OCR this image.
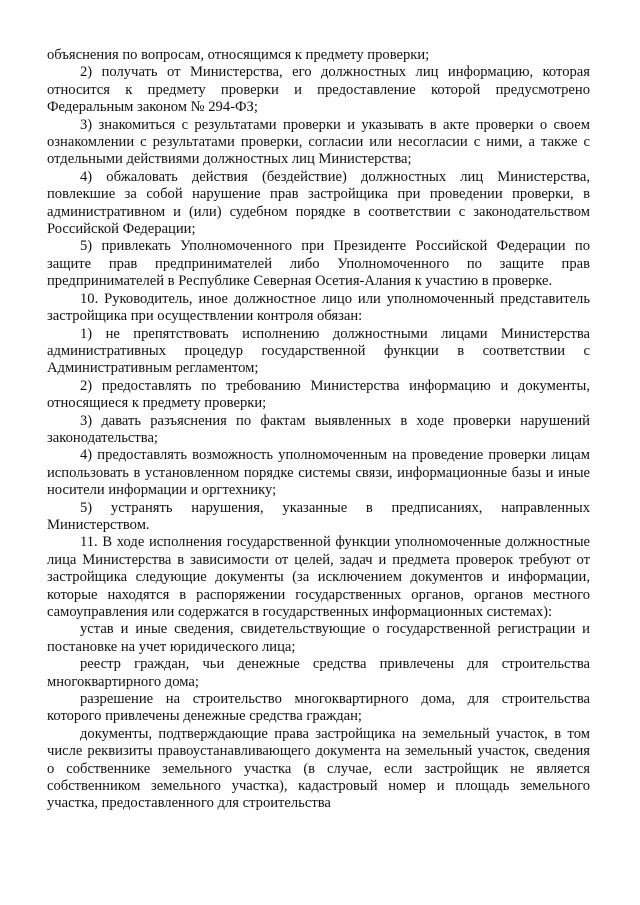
объяснения по вопросам, относящимся к предмету проверки;

2) получать от Министерства, его должностных лиц информацию, которая относится к предмету проверки и предоставление которой предусмотрено Федеральным законом № 294-ФЗ;

3) знакомиться с результатами проверки и указывать в акте проверки о своем ознакомлении с результатами проверки, согласии или несогласии с ними, а также с отдельными действиями должностных лиц Министерства;

4) обжаловать действия (бездействие) должностных лиц Министерства, повлекшие за собой нарушение прав застройщика при проведении проверки, в административном и (или) судебном порядке в соответствии с законодательством Российской Федерации;

5) привлекать Уполномоченного при Президенте Российской Федерации по защите прав предпринимателей либо Уполномоченного по защите прав предпринимателей в Республике Северная Осетия-Алания к участию в проверке.

10. Руководитель, иное должностное лицо или уполномоченный представитель застройщика при осуществлении контроля обязан:

1) не препятствовать исполнению должностными лицами Министерства административных процедур государственной функции в соответствии с Административным регламентом;

2) предоставлять по требованию Министерства информацию и документы, относящиеся к предмету проверки;

3) давать разъяснения по фактам выявленных в ходе проверки нарушений законодательства;

4) предоставлять возможность уполномоченным на проведение проверки лицам использовать в установленном порядке системы связи, информационные базы и иные носители информации и оргтехнику;

5) устранять нарушения, указанные в предписаниях, направленных Министерством.

11. В ходе исполнения государственной функции уполномоченные должностные лица Министерства в зависимости от целей, задач и предмета проверок требуют от застройщика следующие документы (за исключением документов и информации, которые находятся в распоряжении государственных органов, органов местного самоуправления или содержатся в государственных информационных системах):

устав и иные сведения, свидетельствующие о государственной регистрации и постановке на учет юридического лица;

реестр граждан, чьи денежные средства привлечены для строительства многоквартирного дома;

разрешение на строительство многоквартирного дома, для строительства которого привлечены денежные средства граждан;

документы, подтверждающие права застройщика на земельный участок, в том числе реквизиты правоустанавливающего документа на земельный участок, сведения о собственнике земельного участка (в случае, если застройщик не является собственником земельного участка), кадастровый номер и площадь земельного участка, предоставленного для строительства
